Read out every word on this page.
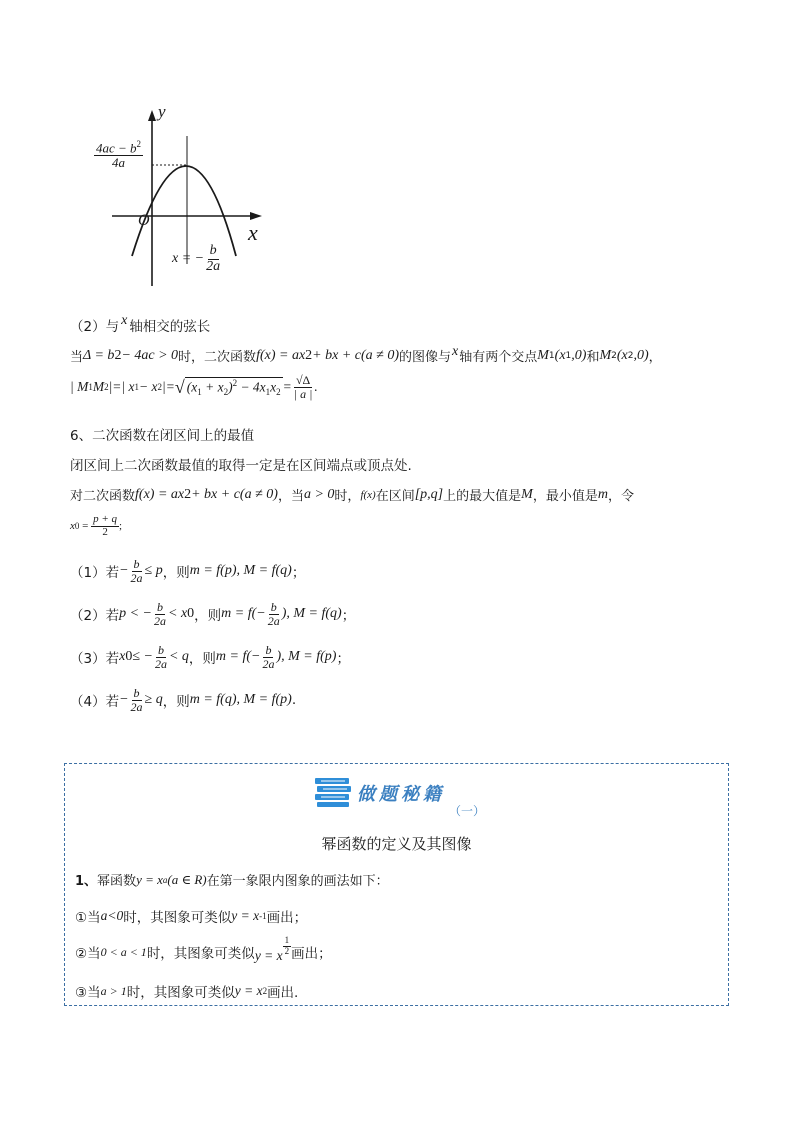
y
x
O
$\frac{4ac - b^2}{4a}$
x = − $\frac{b}{2a}$
（2）与 x 轴相交的弦长
当 Δ = b 2 − 4ac > 0 时，二次函数 f(x) = ax 2 + bx + c(a ≠ 0) 的图像与 x 轴有两个交点 M 1 (x 1 ,0) 和 M 2 (x 2 ,0) ，
| M 1 M 2 |=| x 1 − x 2 |= √ $(x_1 + x_2)^2 - 4x_1x_2 = \frac{√\Delta}{| a |}$ .
6、二次函数在闭区间上的最值
闭区间上二次函数最值的取得一定是在区间端点或顶点处.
对二次函数 f(x) = ax 2 + bx + c(a ≠ 0) ，当 a > 0 时， f(x) 在区间 [p,q] 上的最大值是 M ，最小值是 m ，令
x $0 = \frac{p + q}{2}$ ;
（1）若 − $\frac{b}{2a} \le p$ ，则 m = f(p), M = f(q) ；
（2）若 p < − $\frac{b}{2a} < x$ 0 ，则 $m = f(- \frac{b}{2a}$ ), M = f(q) ；
（3）若 x 0 ≤ − $\frac{b}{2a} < q$ ，则 $m = f(- \frac{b}{2a}$ ), M = f(p) ；
（4）若 − $\frac{b}{2a} \ge q$ ，则 m = f(q), M = f(p) .
做题秘籍
（一）
幂函数的定义及其图像
1、 幂函数 y = x a (a ∈ R) 在第一象限内图象的画法如下：
①当 a<0 时，其图象可类似 y = x -1 画出；
②当 0 < a < 1 时，其图象可类似 y = x $\frac{1}{2}$ 画出；
③当 a > 1 时，其图象可类似 y = x 2 画出.
